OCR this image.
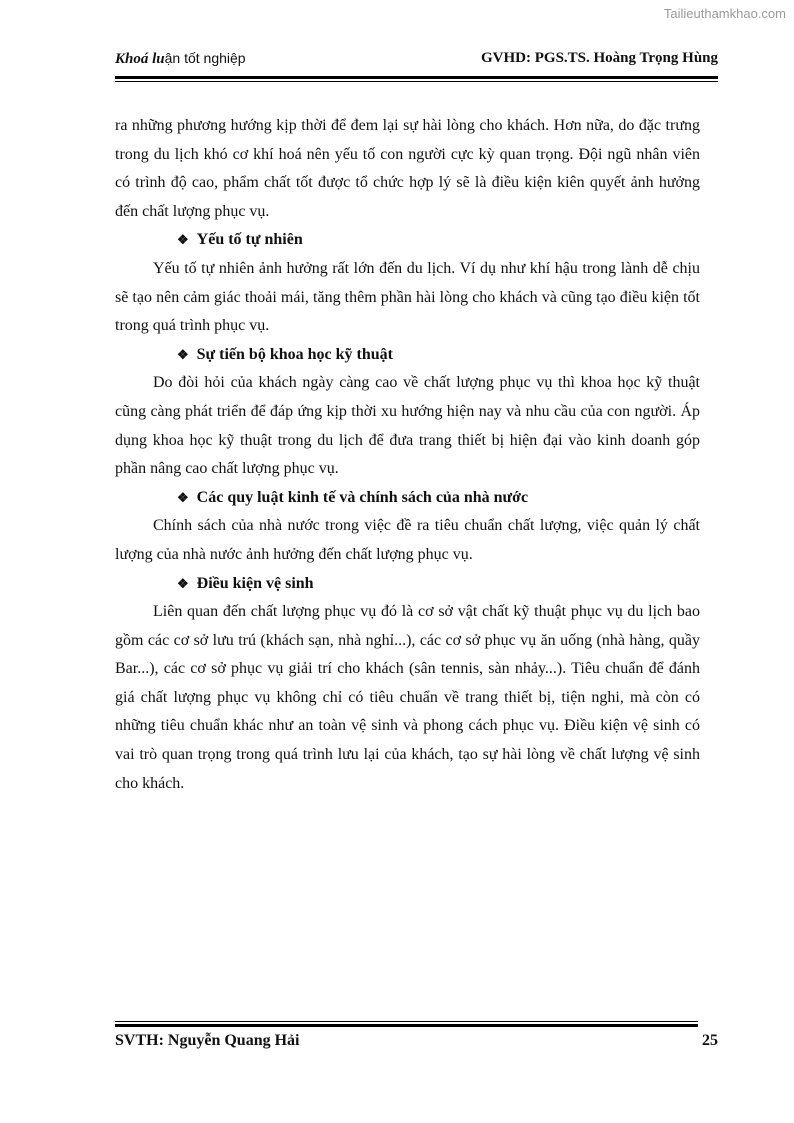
Tailieuthamkhao.com
Khoá luận tốt nghiệp	GVHD: PGS.TS. Hoàng Trọng Hùng

ra những phương hướng kịp thời để đem lại sự hài lòng cho khách. Hơn nữa, do đặc trưng trong du lịch khó cơ khí hoá nên yếu tố con người cực kỳ quan trọng. Đội ngũ nhân viên có trình độ cao, phẩm chất tốt được tổ chức hợp lý sẽ là điều kiện kiên quyết ảnh hưởng đến chất lượng phục vụ.

❖ Yếu tố tự nhiên

Yếu tố tự nhiên ảnh hưởng rất lớn đến du lịch. Ví dụ như khí hậu trong lành dễ chịu sẽ tạo nên cảm giác thoải mái, tăng thêm phần hài lòng cho khách và cũng tạo điều kiện tốt trong quá trình phục vụ.

❖ Sự tiến bộ khoa học kỹ thuật

Do đòi hỏi của khách ngày càng cao về chất lượng phục vụ thì khoa học kỹ thuật cũng càng phát triển để đáp ứng kịp thời xu hướng hiện nay và nhu cầu của con người. Áp dụng khoa học kỹ thuật trong du lịch để đưa trang thiết bị hiện đại vào kinh doanh góp phần nâng cao chất lượng phục vụ.

❖ Các quy luật kinh tế và chính sách của nhà nước

Chính sách của nhà nước trong việc đề ra tiêu chuẩn chất lượng, việc quản lý chất lượng của nhà nước ảnh hưởng đến chất lượng phục vụ.

❖ Điều kiện vệ sinh

Liên quan đến chất lượng phục vụ đó là cơ sở vật chất kỹ thuật phục vụ du lịch bao gồm các cơ sở lưu trú (khách sạn, nhà nghỉ...), các cơ sở phục vụ ăn uống (nhà hàng, quầy Bar...), các cơ sở phục vụ giải trí cho khách (sân tennis, sàn nhảy...). Tiêu chuẩn để đánh giá chất lượng phục vụ không chỉ có tiêu chuẩn về trang thiết bị, tiện nghi, mà còn có những tiêu chuẩn khác như an toàn vệ sinh và phong cách phục vụ. Điều kiện vệ sinh có vai trò quan trọng trong quá trình lưu lại của khách, tạo sự hài lòng về chất lượng vệ sinh cho khách.

SVTH: Nguyễn Quang Hải	25
